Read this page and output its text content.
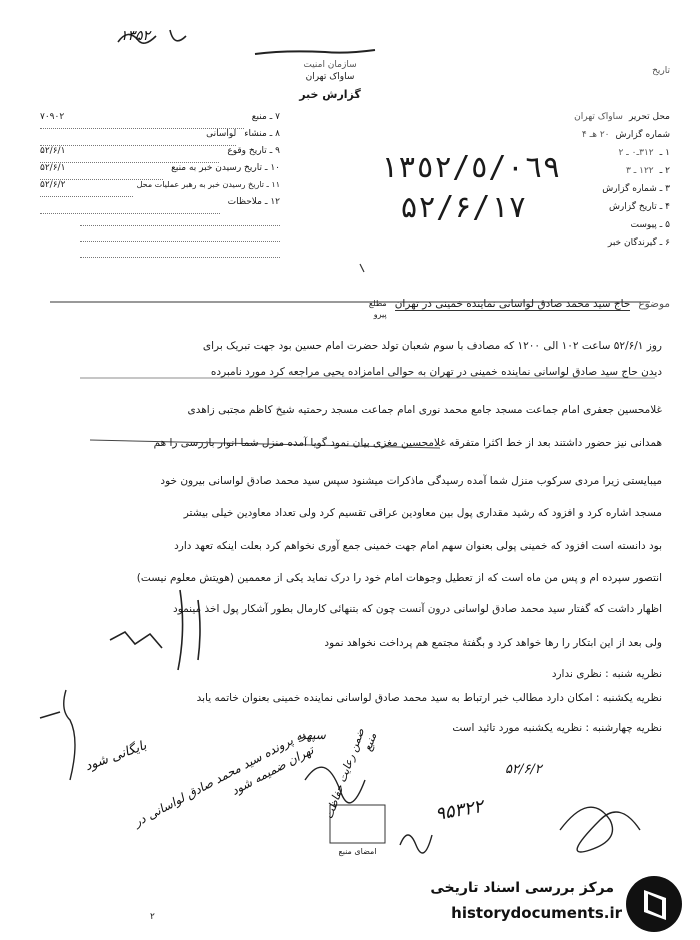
سازمان امنیت
ساواک تهران
تاریخ
گزارش خبر
۱۳۵۲
محل تحریر
ساواک تهران
شماره گزارش
۲۰ هـ ۴
۱ ـ
۳۱۲ـ۰ ـ ۲
۲ ـ
۱۲۲ ـ ۳
۳ ـ شماره گزارش
۴ ـ تاریخ گزارش
۵ ـ پیوست
۶ ـ گیرندگان خبر
۷ ـ منبع
۷۰۹۰۲
۸ ـ منشاء
لواسانی
۹ ـ تاریخ وقوع
۵۲/۶/۱
۱۰ ـ تاریخ رسیدن خبر به منبع
۵۲/۶/۱
۱۱ ـ تاریخ رسیدن خبر به رهبر عملیات محل
۵۲/۶/۲
۱۲ ـ ملاحظات
١٣٥٢/٥/٠٦٩
۵۲/۶/۱۷
موضوع
حاج سید محمد صادق لواسانی نماینده خمینی در تهران
مطلع
پیرو
روز ۵۲/۶/۱ ساعت ۱۰۲ الی ۱۲۰۰ که مصادف با سوم شعبان تولد حضرت امام حسین بود جهت تبریک برای
دیدن حاج سید صادق لواسانی نماینده خمینی در تهران به حوالی امامزاده یحیی مراجعه کرد مورد نامبرده
غلامحسین جعفری امام جماعت مسجد جامع محمد نوری امام جماعت مسجد رحمتیه شیخ کاظم مجتبی زاهدی
همدانی نیز حضور داشتند بعد از خط اکثرا متفرقه غلامحسین مغزی بیان نمود گویا آمده منزل شما انوار بازرسی را هم
میبایستی زیرا مردی سرکوب منزل شما آمده رسیدگی ماذکرات میشنود سپس سید محمد صادق لواسانی بیرون خود
مسجد اشاره کرد و افزود که رشید مقداری پول بین معاودین عراقی تقسیم کرد ولی تعداد معاودین خیلی بیشتر
بود دانسته است افزود که خمینی پولی بعنوان سهم امام جهت خمینی جمع آوری نخواهم کرد بعلت اینکه تعهد دارد
انتصور سپرده ام و پس من ماه است که از تعطیل وجوهات امام خود را درک نماید یکی از معممین (هویتش معلوم نیست)
اظهار داشت که گفتار سید محمد صادق لواسانی درون آنست چون که بتنهائی کارمال بطور آشکار پول اخذ مینمود
ولی بعد از این ابتکار را رها خواهد کرد و بگفتۀ مجتمع هم پرداخت نخواهد نمود
نظریه شنبه : نظری ندارد
نظریه یکشنبه : امکان دارد مطالب خبر ارتباط به سید محمد صادق لواسانی نماینده خمینی بعنوان خاتمه یابد
نظریه چهارشنبه : نظریه یکشنبه مورد تائید است
بایگانی شود
به پرونده سید محمد صادق لواسانی در تهران ضمیمه شود ضمن رعایت حفاظت منبع
۹۵۳۲۲
۵۲/۶/۲
سپهر
امضای منبع
۲
مرکز بررسی اسناد تاریخی
historydocuments.ir
